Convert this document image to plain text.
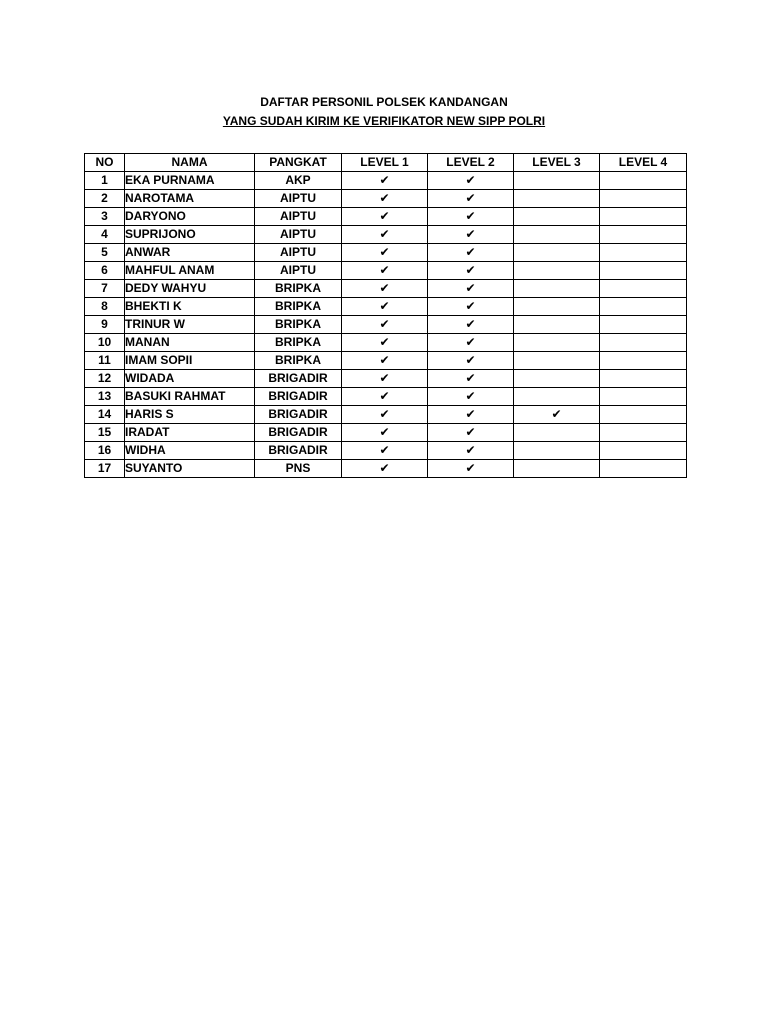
DAFTAR PERSONIL POLSEK KANDANGAN

YANG SUDAH KIRIM KE VERIFIKATOR NEW SIPP POLRI

NO	NAMA	PANGKAT	LEVEL 1	LEVEL 2	LEVEL 3	LEVEL 4
1	EKA PURNAMA	AKP	✔	✔		
2	NAROTAMA	AIPTU	✔	✔		
3	DARYONO	AIPTU	✔	✔		
4	SUPRIJONO	AIPTU	✔	✔		
5	ANWAR	AIPTU	✔	✔		
6	MAHFUL ANAM	AIPTU	✔	✔		
7	DEDY WAHYU	BRIPKA	✔	✔		
8	BHEKTI K	BRIPKA	✔	✔		
9	TRINUR W	BRIPKA	✔	✔		
10	MANAN	BRIPKA	✔	✔		
11	IMAM SOPII	BRIPKA	✔	✔		
12	WIDADA	BRIGADIR	✔	✔		
13	BASUKI RAHMAT	BRIGADIR	✔	✔		
14	HARIS S	BRIGADIR	✔	✔	✔	
15	IRADAT	BRIGADIR	✔	✔		
16	WIDHA	BRIGADIR	✔	✔		
17	SUYANTO	PNS	✔	✔		
